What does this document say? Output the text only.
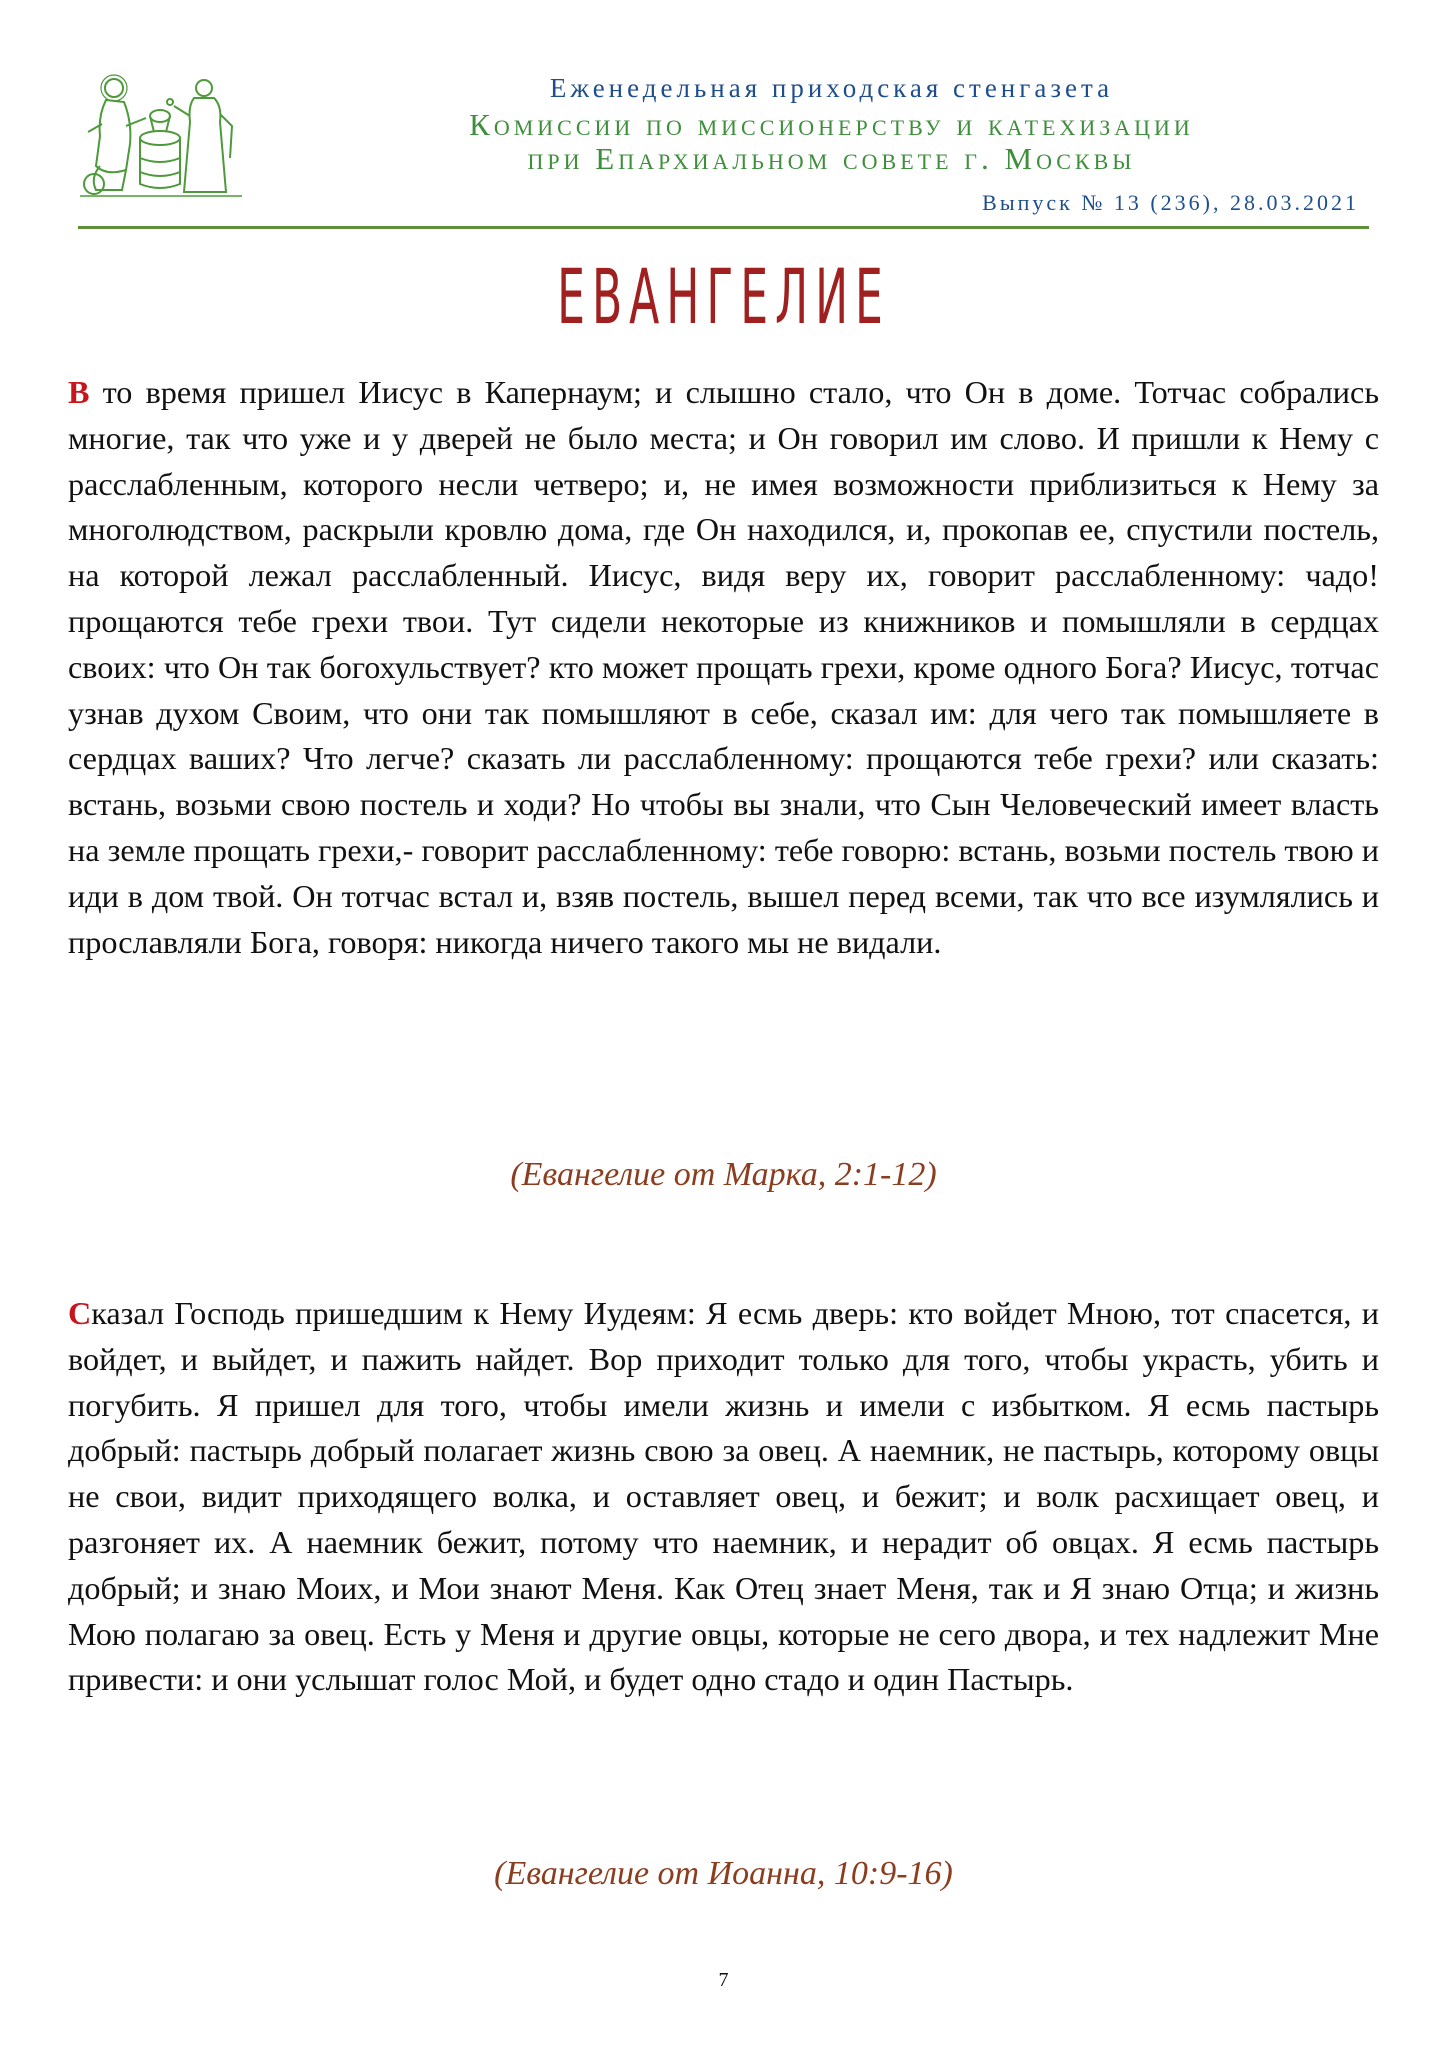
Еженедельная приходская стенгазета
Комиссии по миссионерству и катехизации
при Епархиальном совете г. Москвы
Выпуск № 13 (236), 28.03.2021
ЕВАНГЕЛИЕ
В то время пришел Иисус в Капернаум; и слышно стало, что Он в доме. Тотчас собрались многие, так что уже и у дверей не было места; и Он говорил им слово. И пришли к Нему с расслабленным, которого несли четверо; и, не имея возможности приблизиться к Нему за многолюдством, раскрыли кровлю дома, где Он находился, и, прокопав ее, спустили постель, на которой лежал расслабленный. Иисус, видя веру их, говорит расслабленному: чадо! прощаются тебе грехи твои. Тут сидели некоторые из книжников и помышляли в сердцах своих: что Он так богохульствует? кто может прощать грехи, кроме одного Бога? Иисус, тотчас узнав духом Своим, что они так помышляют в себе, сказал им: для чего так помышляете в сердцах ваших? Что легче? сказать ли расслабленному: прощаются тебе грехи? или сказать: встань, возьми свою постель и ходи? Но чтобы вы знали, что Сын Человеческий имеет власть на земле прощать грехи,- говорит расслабленному: тебе говорю: встань, возьми постель твою и иди в дом твой. Он тотчас встал и, взяв постель, вышел перед всеми, так что все изумлялись и прославляли Бога, говоря: никогда ничего такого мы не видали.
(Евангелие от Марка, 2:1-12)
Сказал Господь пришедшим к Нему Иудеям: Я есмь дверь: кто войдет Мною, тот спасется, и войдет, и выйдет, и пажить найдет. Вор приходит только для того, чтобы украсть, убить и погубить. Я пришел для того, чтобы имели жизнь и имели с избытком. Я есмь пастырь добрый: пастырь добрый полагает жизнь свою за овец. А наемник, не пастырь, которому овцы не свои, видит приходящего волка, и оставляет овец, и бежит; и волк расхищает овец, и разгоняет их. А наемник бежит, потому что наемник, и нерадит об овцах. Я есмь пастырь добрый; и знаю Моих, и Мои знают Меня. Как Отец знает Меня, так и Я знаю Отца; и жизнь Мою полагаю за овец. Есть у Меня и другие овцы, которые не сего двора, и тех надлежит Мне привести: и они услышат голос Мой, и будет одно стадо и один Пастырь.
(Евангелие от Иоанна, 10:9-16)
7
